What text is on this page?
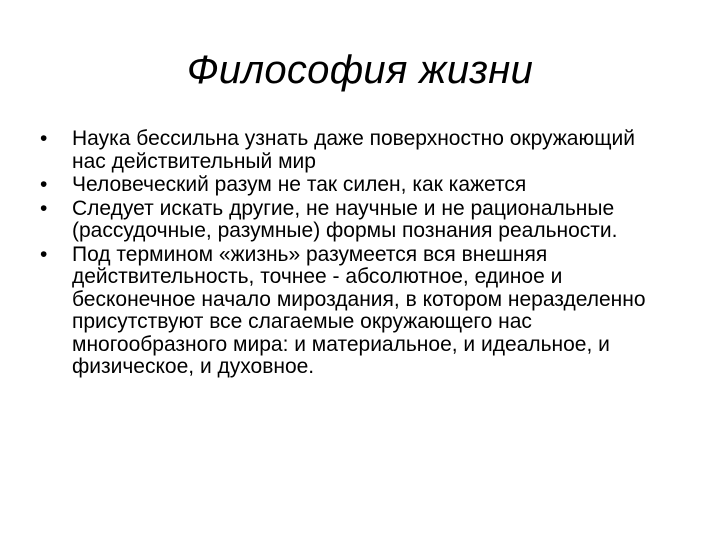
Философия жизни
•	Наука бессильна узнать даже поверхностно окружающий нас действительный мир
•	Человеческий разум не так силен, как кажется
•	Следует искать другие, не научные и не рациональные (рассудочные, разумные) формы познания реальности.
•	Под термином «жизнь» разумеется вся внешняя действительность, точнее - абсолютное, единое и бесконечное начало мироздания, в котором неразделенно присутствуют все слагаемые окружающего нас многообразного мира: и материальное, и идеальное, и физическое, и духовное.
